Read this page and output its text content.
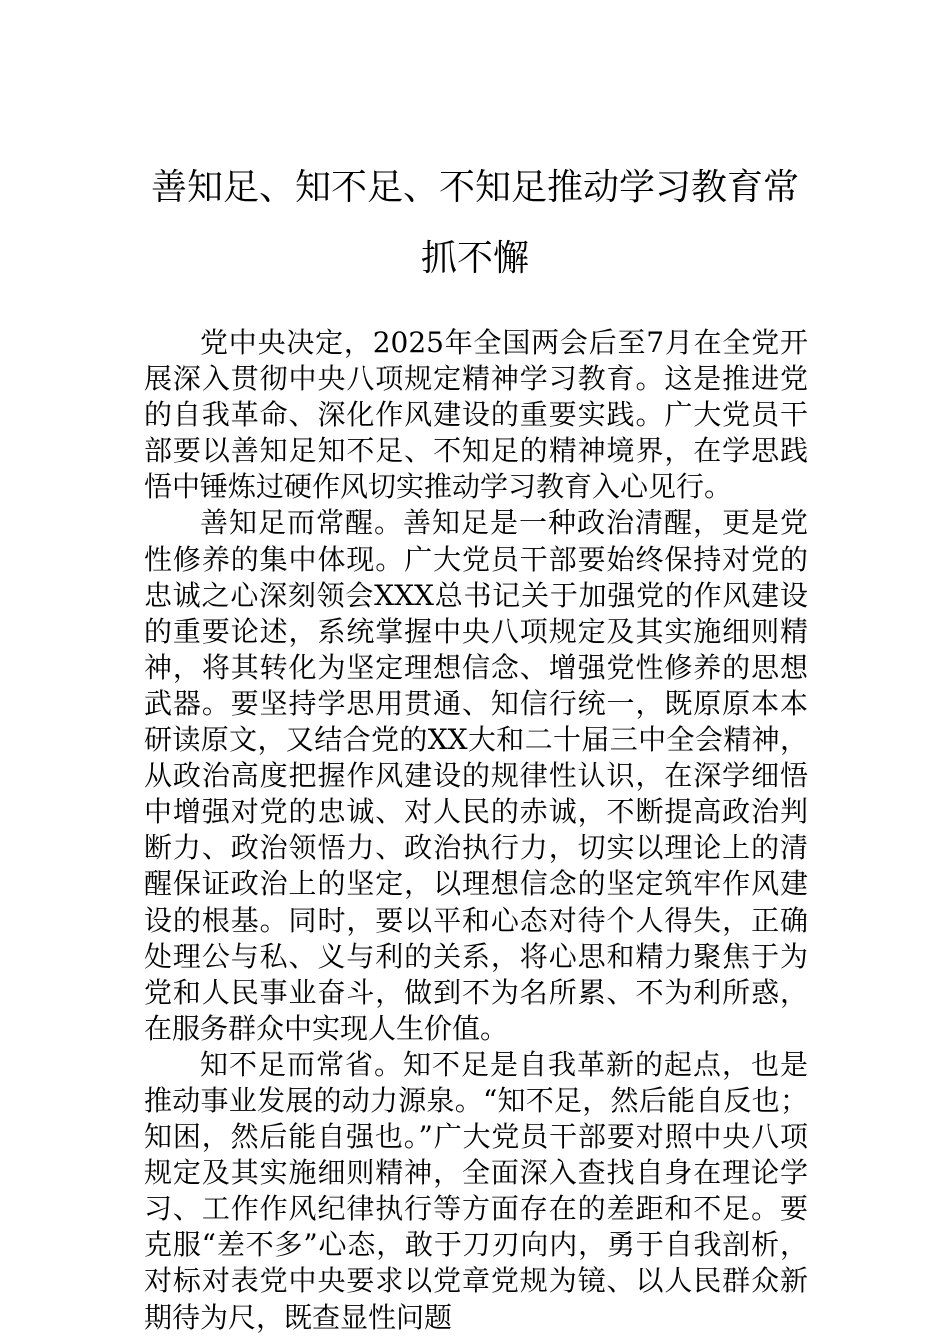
善知足、知不足、不知足推动学习教育常
抓不懈

党中央决定，2025年全国两会后至7月在全党开展深入贯彻中央八项规定精神学习教育。这是推进党的自我革命、深化作风建设的重要实践。广大党员干部要以善知足知不足、不知足的精神境界，在学思践悟中锤炼过硬作风切实推动学习教育入心见行。

善知足而常醒。善知足是一种政治清醒，更是党性修养的集中体现。广大党员干部要始终保持对党的忠诚之心深刻领会XXX总书记关于加强党的作风建设的重要论述，系统掌握中央八项规定及其实施细则精神，将其转化为坚定理想信念、增强党性修养的思想武器。要坚持学思用贯通、知信行统一，既原原本本研读原文，又结合党的XX大和二十届三中全会精神，从政治高度把握作风建设的规律性认识，在深学细悟中增强对党的忠诚、对人民的赤诚，不断提高政治判断力、政治领悟力、政治执行力，切实以理论上的清醒保证政治上的坚定，以理想信念的坚定筑牢作风建设的根基。同时，要以平和心态对待个人得失，正确处理公与私、义与利的关系，将心思和精力聚焦于为党和人民事业奋斗，做到不为名所累、不为利所惑，在服务群众中实现人生价值。

知不足而常省。知不足是自我革新的起点，也是推动事业发展的动力源泉。“知不足，然后能自反也；知困，然后能自强也。”广大党员干部要对照中央八项规定及其实施细则精神，全面深入查找自身在理论学习、工作作风纪律执行等方面存在的差距和不足。要克服“差不多”心态，敢于刀刃向内，勇于自我剖析，对标对表党中央要求以党章党规为镜、以人民群众新期待为尺，既查显性问题
